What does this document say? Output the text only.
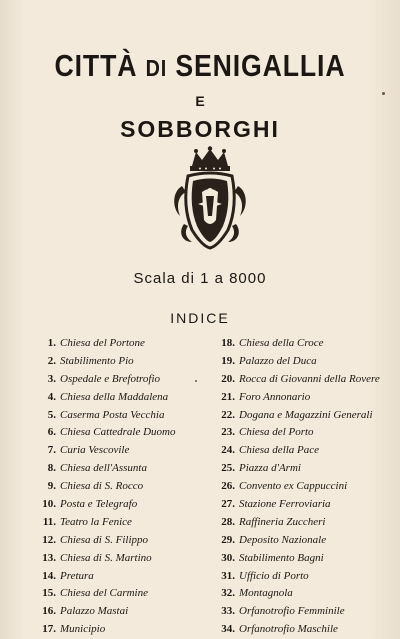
CITTÀ DI SENIGALLIA
E
SOBBORGHI
Scala di 1 a 8000
INDICE
1. Chiesa del Portone
2. Stabilimento Pio
3. Ospedale e Brefotrofio
4. Chiesa della Maddalena
5. Caserma Posta Vecchia
6. Chiesa Cattedrale Duomo
7. Curia Vescovile
8. Chiesa dell'Assunta
9. Chiesa di S. Rocco
10. Posta e Telegrafo
11. Teatro la Fenice
12. Chiesa di S. Filippo
13. Chiesa di S. Martino
14. Pretura
15. Chiesa del Carmine
16. Palazzo Mastai
17. Municipio
18. Chiesa della Croce
19. Palazzo del Duca
20. Rocca di Giovanni della Rovere
21. Foro Annonario
22. Dogana e Magazzini Generali
23. Chiesa del Porto
24. Chiesa della Pace
25. Piazza d'Armi
26. Convento ex Cappuccini
27. Stazione Ferroviaria
28. Raffineria Zuccheri
29. Deposito Nazionale
30. Stabilimento Bagni
31. Ufficio di Porto
32. Montagnola
33. Orfanotrofio Femminile
34. Orfanotrofio Maschile
